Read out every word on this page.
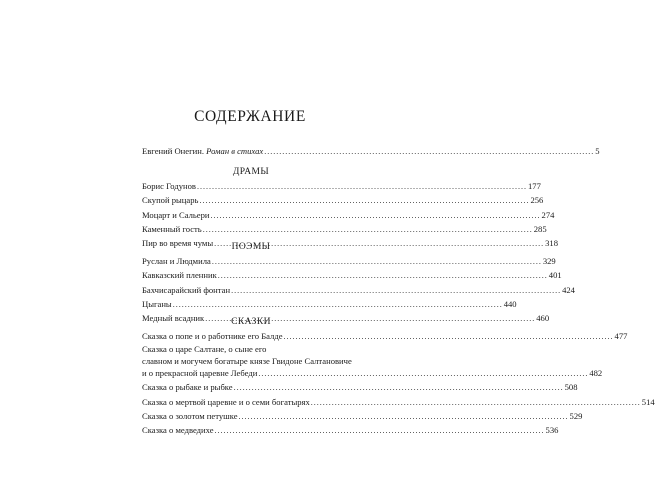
СОДЕРЖАНИЕ
Евгений Онегин. Роман в стихах .....	5
ДРАМЫ
Борис Годунов .....	177
Скупой рыцарь .....	256
Моцарт и Сальери .....	274
Каменный гость .....	285
Пир во время чумы .....	318
ПОЭМЫ
Руслан и Людмила .....	329
Кавказский пленник .....	401
Бахчисарайский фонтан .....	424
Цыганы .....	440
Медный всадник .....	460
СКАЗКИ
Сказка о попе и о работнике его Балде .....	477
Сказка о царе Салтане, о сыне его
славном и могучем богатыре князе Гвидоне Салтановиче
и о прекрасной царевне Лебеди .....	482
Сказка о рыбаке и рыбке .....	508
Сказка о мертвой царевне и о семи богатырях .....	514
Сказка о золотом петушке .....	529
Сказка о медведихе .....	536
